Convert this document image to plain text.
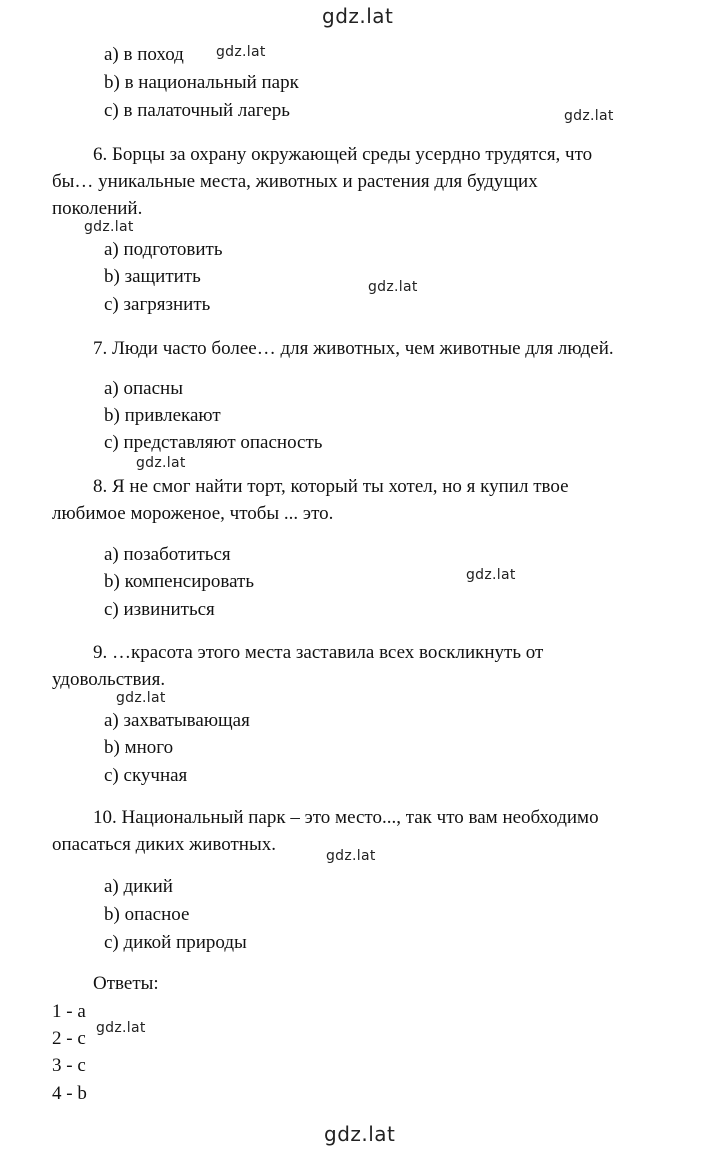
gdz.lat
a) в поход
b) в национальный парк
c) в палаточный лагерь
6. Борцы за охрану окружающей среды усердно трудятся, что
бы… уникальные места, животных и растения для будущих
поколений.
a) подготовить
b) защитить
c) загрязнить
7. Люди часто более… для животных, чем животные для людей.
a) опасны
b) привлекают
c) представляют опасность
8. Я не смог найти торт, который ты хотел, но я купил твое
любимое мороженое, чтобы ... это.
a) позаботиться
b) компенсировать
c) извиниться
9. …красота этого места заставила всех воскликнуть от
удовольствия.
a) захватывающая
b) много
c) скучная
10. Национальный парк – это место..., так что вам необходимо
опасаться диких животных.
a) дикий
b) опасное
c) дикой природы
Ответы:
1 - a
2 - c
3 - c
4 - b
gdz.lat
gdz.lat
gdz.lat
gdz.lat
gdz.lat
gdz.lat
gdz.lat
gdz.lat
gdz.lat
gdz.lat
